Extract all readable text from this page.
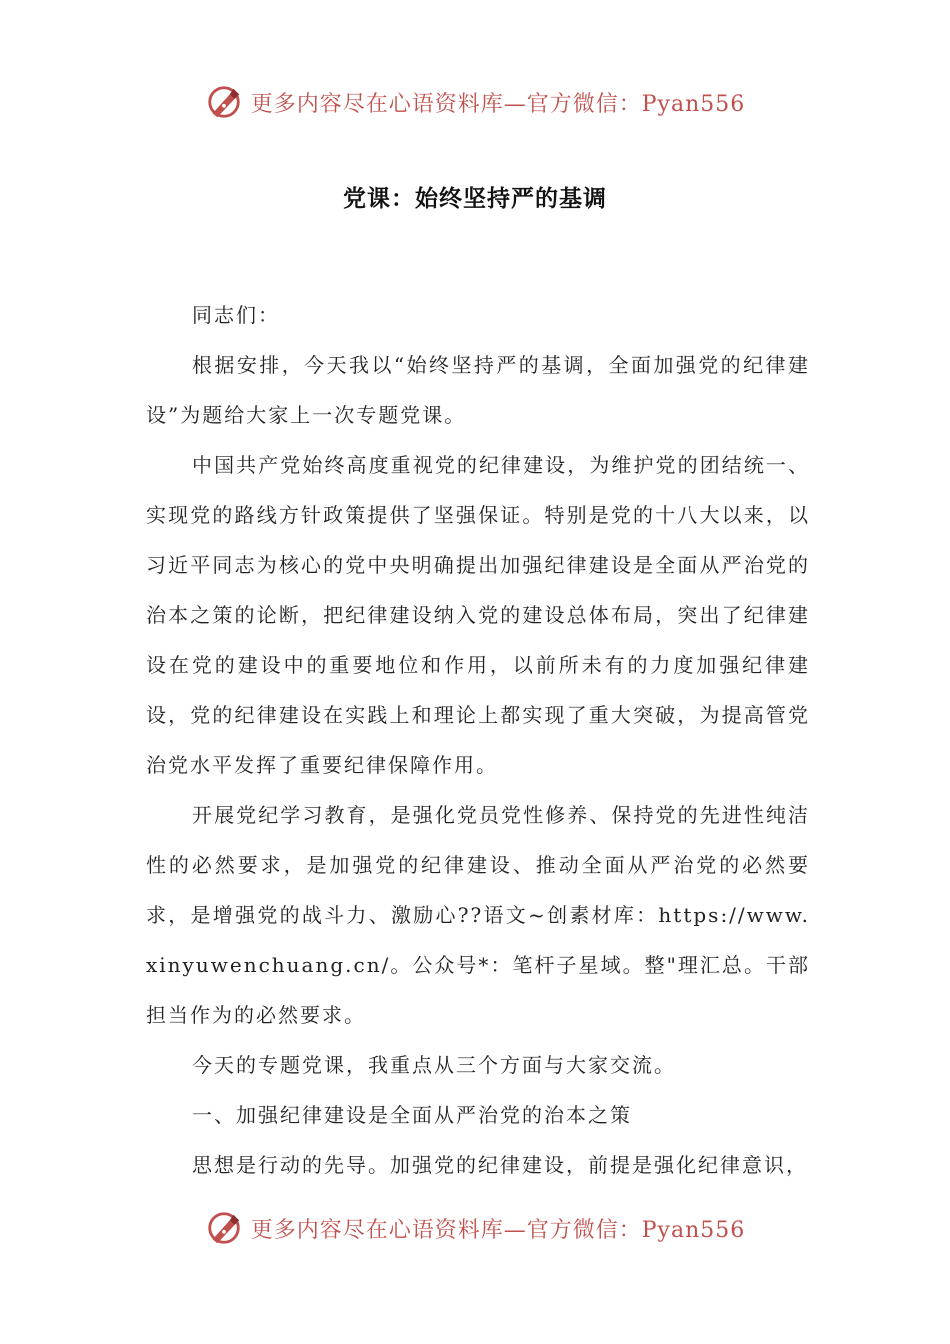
更多内容尽在心语资料库—官方微信：Pyan556
党课：始终坚持严的基调

同志们：

根据安排，今天我以“始终坚持严的基调，全面加强党的纪律建设”为题给大家上一次专题党课。

中国共产党始终高度重视党的纪律建设，为维护党的团结统一、实现党的路线方针政策提供了坚强保证。特别是党的十八大以来，以习近平同志为核心的党中央明确提出加强纪律建设是全面从严治党的治本之策的论断，把纪律建设纳入党的建设总体布局，突出了纪律建设在党的建设中的重要地位和作用，以前所未有的力度加强纪律建设，党的纪律建设在实践上和理论上都实现了重大突破，为提高管党治党水平发挥了重要纪律保障作用。

开展党纪学习教育，是强化党员党性修养、保持党的先进性纯洁性的必然要求，是加强党的纪律建设、推动全面从严治党的必然要求，是增强党的战斗力、激励心??语文~创素材库：https://www.xinyuwenchuang.cn/。公众号*：笔杆子星域。整"理汇总。干部担当作为的必然要求。

今天的专题党课，我重点从三个方面与大家交流。

一、加强纪律建设是全面从严治党的治本之策

思想是行动的先导。加强党的纪律建设，前提是强化纪律意识，

更多内容尽在心语资料库—官方微信：Pyan556
